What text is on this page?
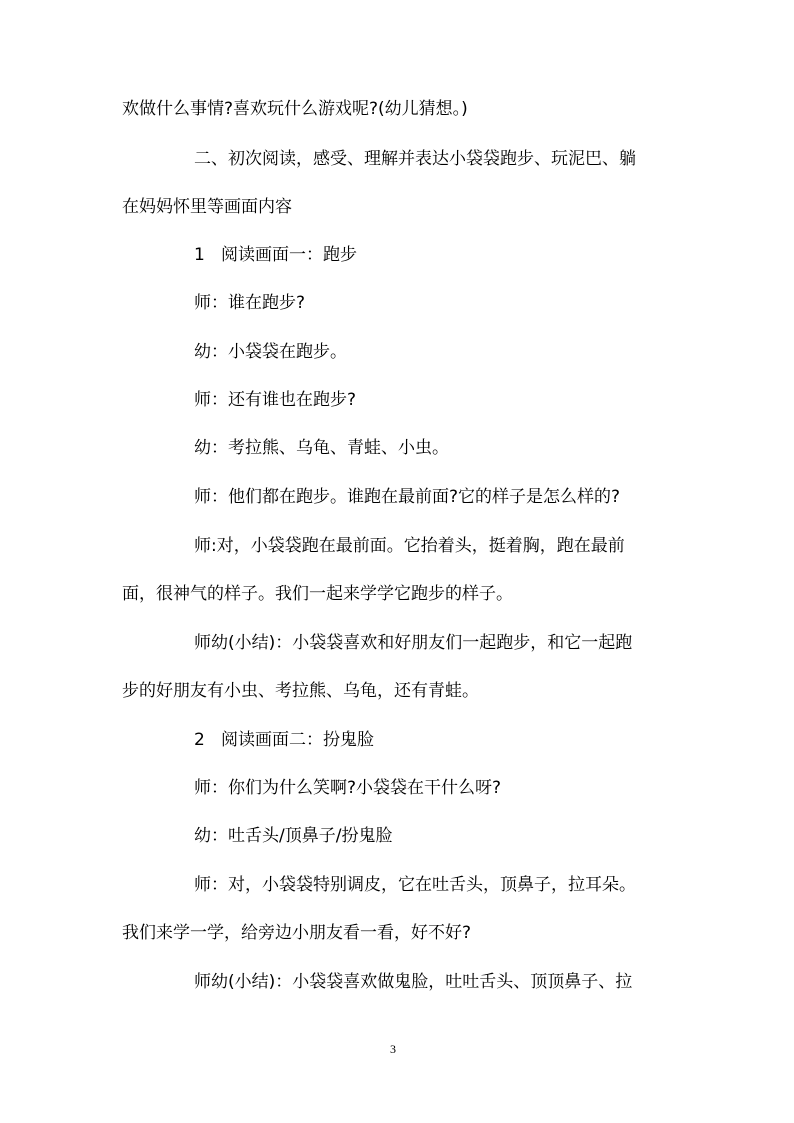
欢做什么事情?喜欢玩什么游戏呢?(幼儿猜想。)
二、初次阅读，感受、理解并表达小袋袋跑步、玩泥巴、躺
在妈妈怀里等画面内容
1   阅读画面一：跑步
师：谁在跑步?
幼：小袋袋在跑步。
师：还有谁也在跑步?
幼：考拉熊、乌龟、青蛙、小虫。
师：他们都在跑步。谁跑在最前面?它的样子是怎么样的?
师:对，小袋袋跑在最前面。它抬着头，挺着胸，跑在最前
面，很神气的样子。我们一起来学学它跑步的样子。
师幼(小结)：小袋袋喜欢和好朋友们一起跑步，和它一起跑
步的好朋友有小虫、考拉熊、乌龟，还有青蛙。
2   阅读画面二：扮鬼脸
师：你们为什么笑啊?小袋袋在干什么呀?
幼：吐舌头/顶鼻子/扮鬼脸
师：对，小袋袋特别调皮，它在吐舌头，顶鼻子，拉耳朵。
我们来学一学，给旁边小朋友看一看，好不好?
师幼(小结)：小袋袋喜欢做鬼脸，吐吐舌头、顶顶鼻子、拉
3
